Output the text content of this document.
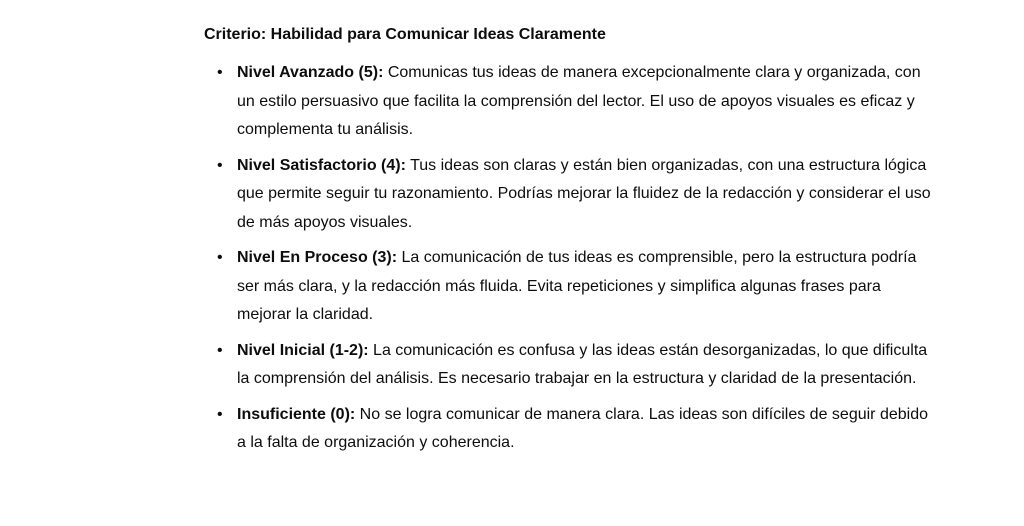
Criterio: Habilidad para Comunicar Ideas Claramente
• Nivel Avanzado (5): Comunicas tus ideas de manera excepcionalmente clara y organizada, con un estilo persuasivo que facilita la comprensión del lector. El uso de apoyos visuales es eficaz y complementa tu análisis.
• Nivel Satisfactorio (4): Tus ideas son claras y están bien organizadas, con una estructura lógica que permite seguir tu razonamiento. Podrías mejorar la fluidez de la redacción y considerar el uso de más apoyos visuales.
• Nivel En Proceso (3): La comunicación de tus ideas es comprensible, pero la estructura podría ser más clara, y la redacción más fluida. Evita repeticiones y simplifica algunas frases para mejorar la claridad.
• Nivel Inicial (1-2): La comunicación es confusa y las ideas están desorganizadas, lo que dificulta la comprensión del análisis. Es necesario trabajar en la estructura y claridad de la presentación.
• Insuficiente (0): No se logra comunicar de manera clara. Las ideas son difíciles de seguir debido a la falta de organización y coherencia.
